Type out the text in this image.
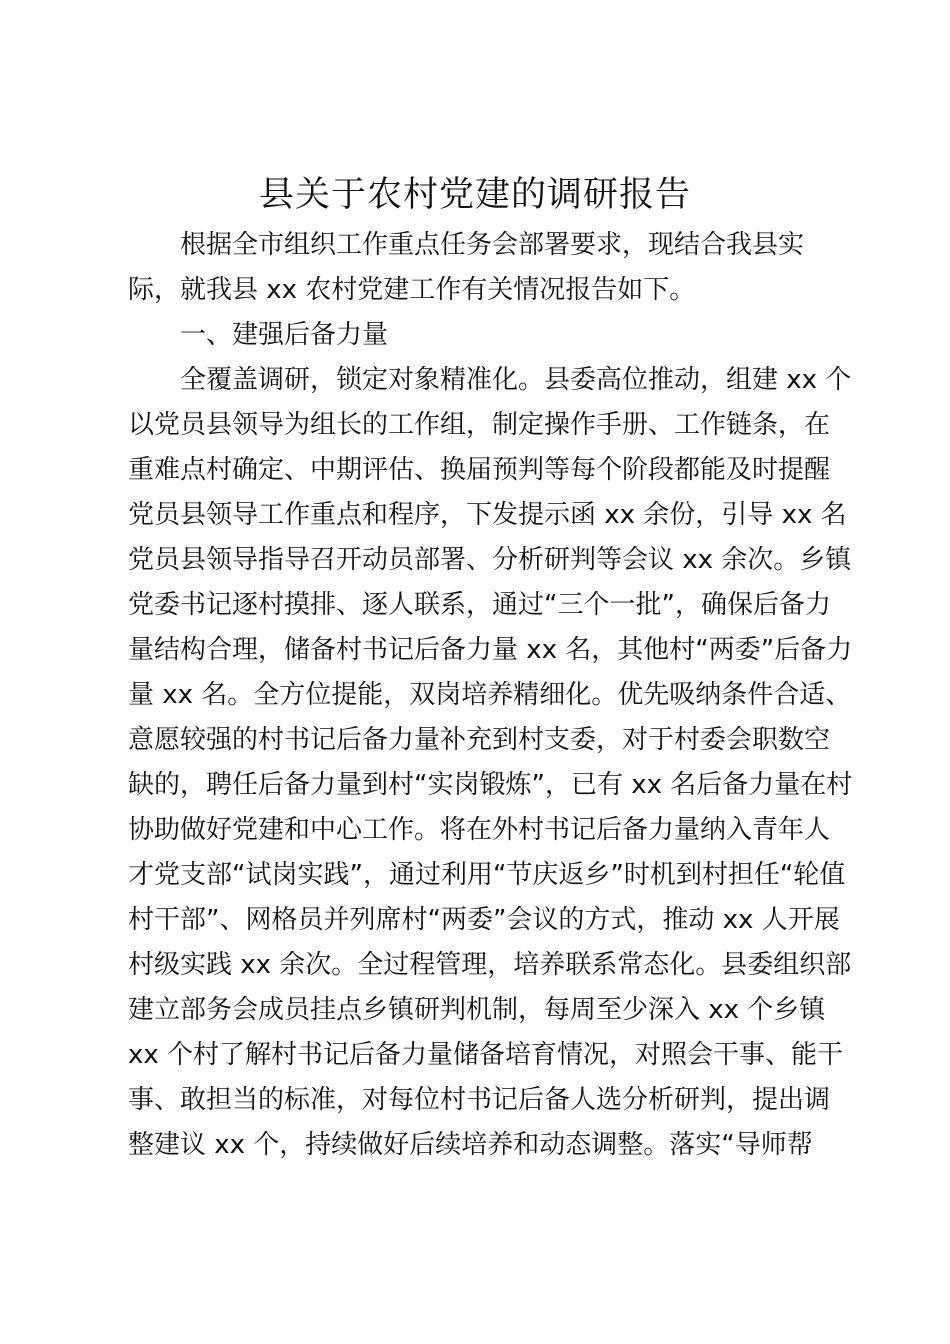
县关于农村党建的调研报告

根据全市组织工作重点任务会部署要求，现结合我县实

际，就我县 xx 农村党建工作有关情况报告如下。

一、建强后备力量

全覆盖调研，锁定对象精准化。县委高位推动，组建 xx 个

以党员县领导为组长的工作组，制定操作手册、工作链条，在

重难点村确定、中期评估、换届预判等每个阶段都能及时提醒

党员县领导工作重点和程序，下发提示函 xx 余份，引导 xx 名

党员县领导指导召开动员部署、分析研判等会议 xx 余次。乡镇

党委书记逐村摸排、逐人联系，通过“三个一批”，确保后备力

量结构合理，储备村书记后备力量 xx 名，其他村“两委”后备力

量 xx 名。全方位提能，双岗培养精细化。优先吸纳条件合适、

意愿较强的村书记后备力量补充到村支委，对于村委会职数空

缺的，聘任后备力量到村“实岗锻炼”，已有 xx 名后备力量在村

协助做好党建和中心工作。将在外村书记后备力量纳入青年人

才党支部“试岗实践”，通过利用“节庆返乡”时机到村担任“轮值

村干部”、网格员并列席村“两委”会议的方式，推动 xx 人开展

村级实践 xx 余次。全过程管理，培养联系常态化。县委组织部

建立部务会成员挂点乡镇研判机制，每周至少深入 xx 个乡镇

xx 个村了解村书记后备力量储备培育情况，对照会干事、能干

事、敢担当的标准，对每位村书记后备人选分析研判，提出调

整建议 xx 个，持续做好后续培养和动态调整。落实“导师帮
